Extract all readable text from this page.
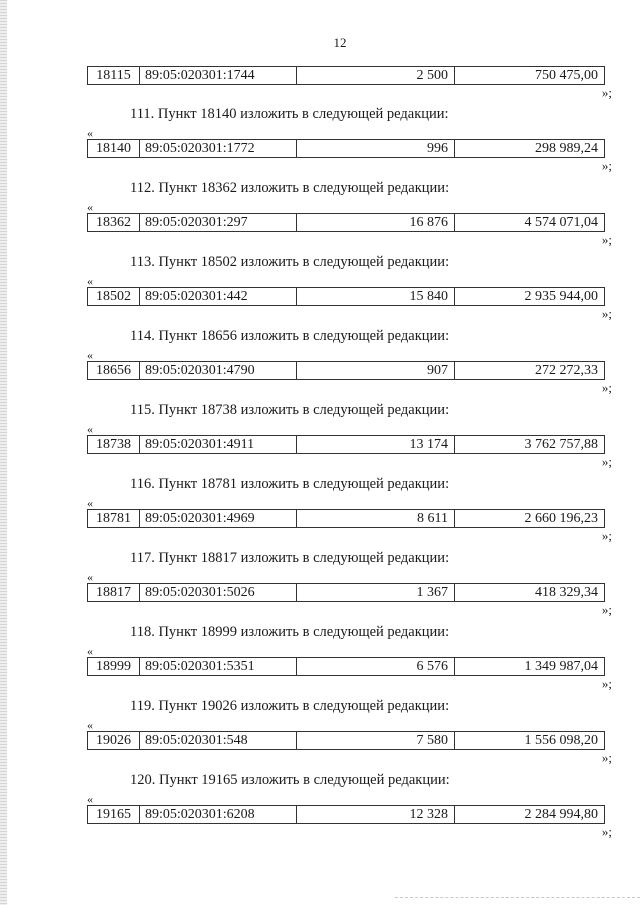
12
18115	89:05:020301:1744	2 500	750 475,00
»;
111. Пункт 18140 изложить в следующей редакции:
«
18140	89:05:020301:1772	996	298 989,24
»;
112. Пункт 18362 изложить в следующей редакции:
«
18362	89:05:020301:297	16 876	4 574 071,04
»;
113. Пункт 18502 изложить в следующей редакции:
«
18502	89:05:020301:442	15 840	2 935 944,00
»;
114. Пункт 18656 изложить в следующей редакции:
«
18656	89:05:020301:4790	907	272 272,33
»;
115. Пункт 18738 изложить в следующей редакции:
«
18738	89:05:020301:4911	13 174	3 762 757,88
»;
116. Пункт 18781 изложить в следующей редакции:
«
18781	89:05:020301:4969	8 611	2 660 196,23
»;
117. Пункт 18817 изложить в следующей редакции:
«
18817	89:05:020301:5026	1 367	418 329,34
»;
118. Пункт 18999 изложить в следующей редакции:
«
18999	89:05:020301:5351	6 576	1 349 987,04
»;
119. Пункт 19026 изложить в следующей редакции:
«
19026	89:05:020301:548	7 580	1 556 098,20
»;
120. Пункт 19165 изложить в следующей редакции:
«
19165	89:05:020301:6208	12 328	2 284 994,80
»;
